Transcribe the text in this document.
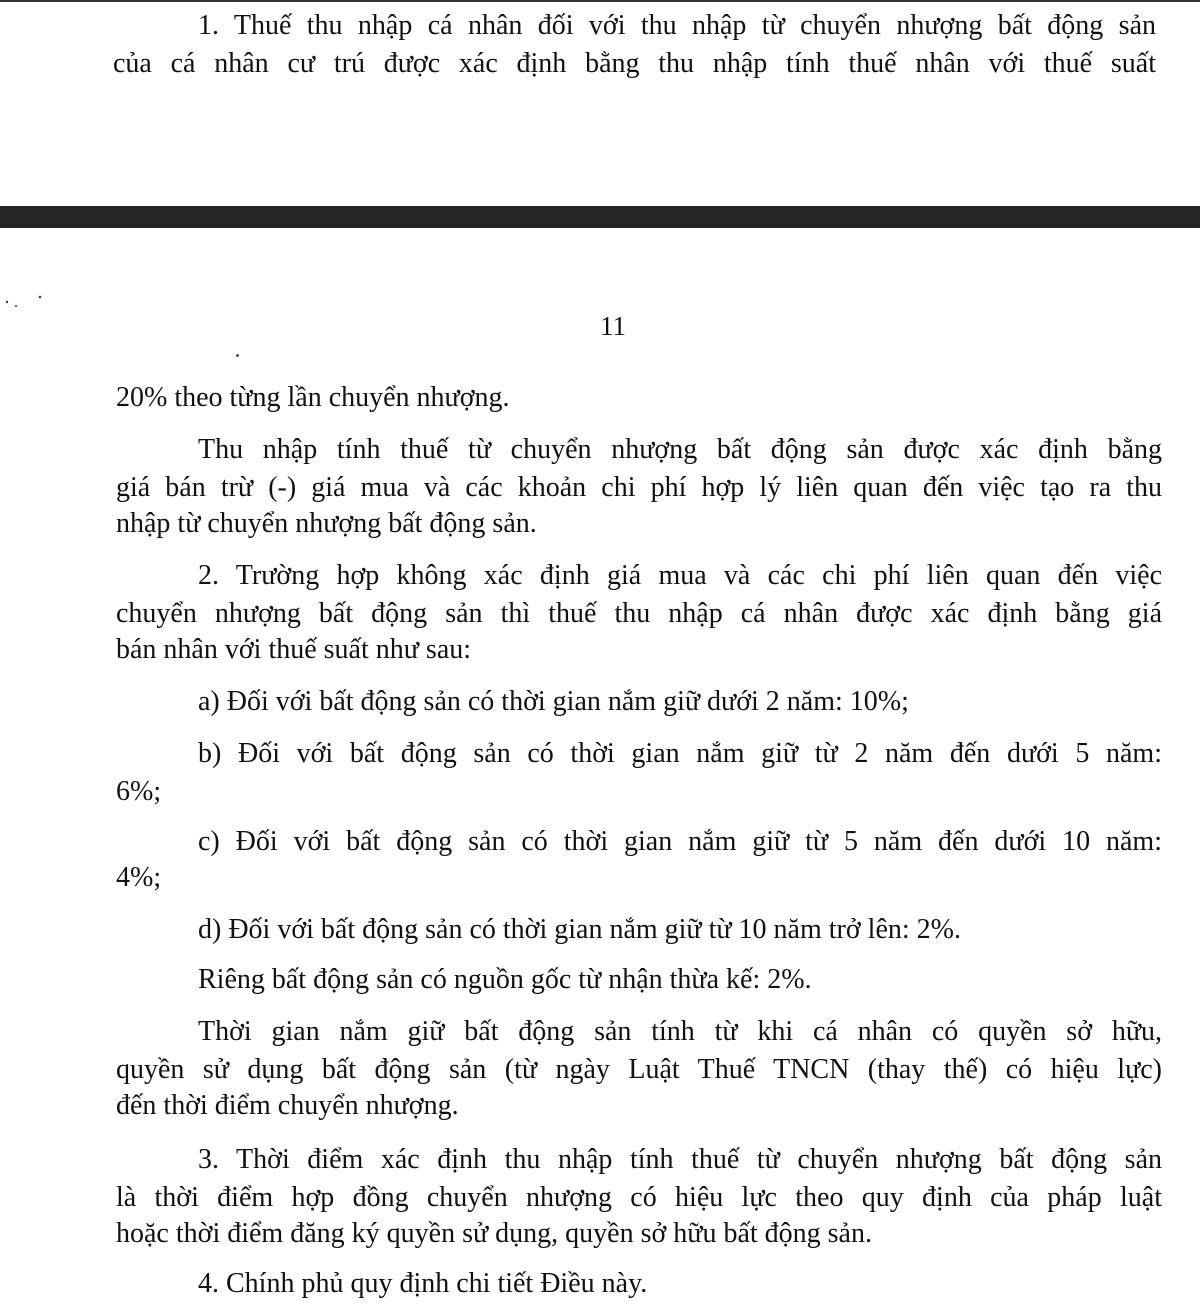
1. Thuế thu nhập cá nhân đối với thu nhập từ chuyển nhượng bất động sản
của cá nhân cư trú được xác định bằng thu nhập tính thuế nhân với thuế suất
11
20% theo từng lần chuyển nhượng.
Thu nhập tính thuế từ chuyển nhượng bất động sản được xác định bằng
giá bán trừ (-) giá mua và các khoản chi phí hợp lý liên quan đến việc tạo ra thu
nhập từ chuyển nhượng bất động sản.
2. Trường hợp không xác định giá mua và các chi phí liên quan đến việc
chuyển nhượng bất động sản thì thuế thu nhập cá nhân được xác định bằng giá
bán nhân với thuế suất như sau:
a) Đối với bất động sản có thời gian nắm giữ dưới 2 năm: 10%;
b) Đối với bất động sản có thời gian nắm giữ từ 2 năm đến dưới 5 năm:
6%;
c) Đối với bất động sản có thời gian nắm giữ từ 5 năm đến dưới 10 năm:
4%;
d) Đối với bất động sản có thời gian nắm giữ từ 10 năm trở lên: 2%.
Riêng bất động sản có nguồn gốc từ nhận thừa kế: 2%.
Thời gian nắm giữ bất động sản tính từ khi cá nhân có quyền sở hữu,
quyền sử dụng bất động sản (từ ngày Luật Thuế TNCN (thay thế) có hiệu lực)
đến thời điểm chuyển nhượng.
3. Thời điểm xác định thu nhập tính thuế từ chuyển nhượng bất động sản
là thời điểm hợp đồng chuyển nhượng có hiệu lực theo quy định của pháp luật
hoặc thời điểm đăng ký quyền sử dụng, quyền sở hữu bất động sản.
4. Chính phủ quy định chi tiết Điều này.
